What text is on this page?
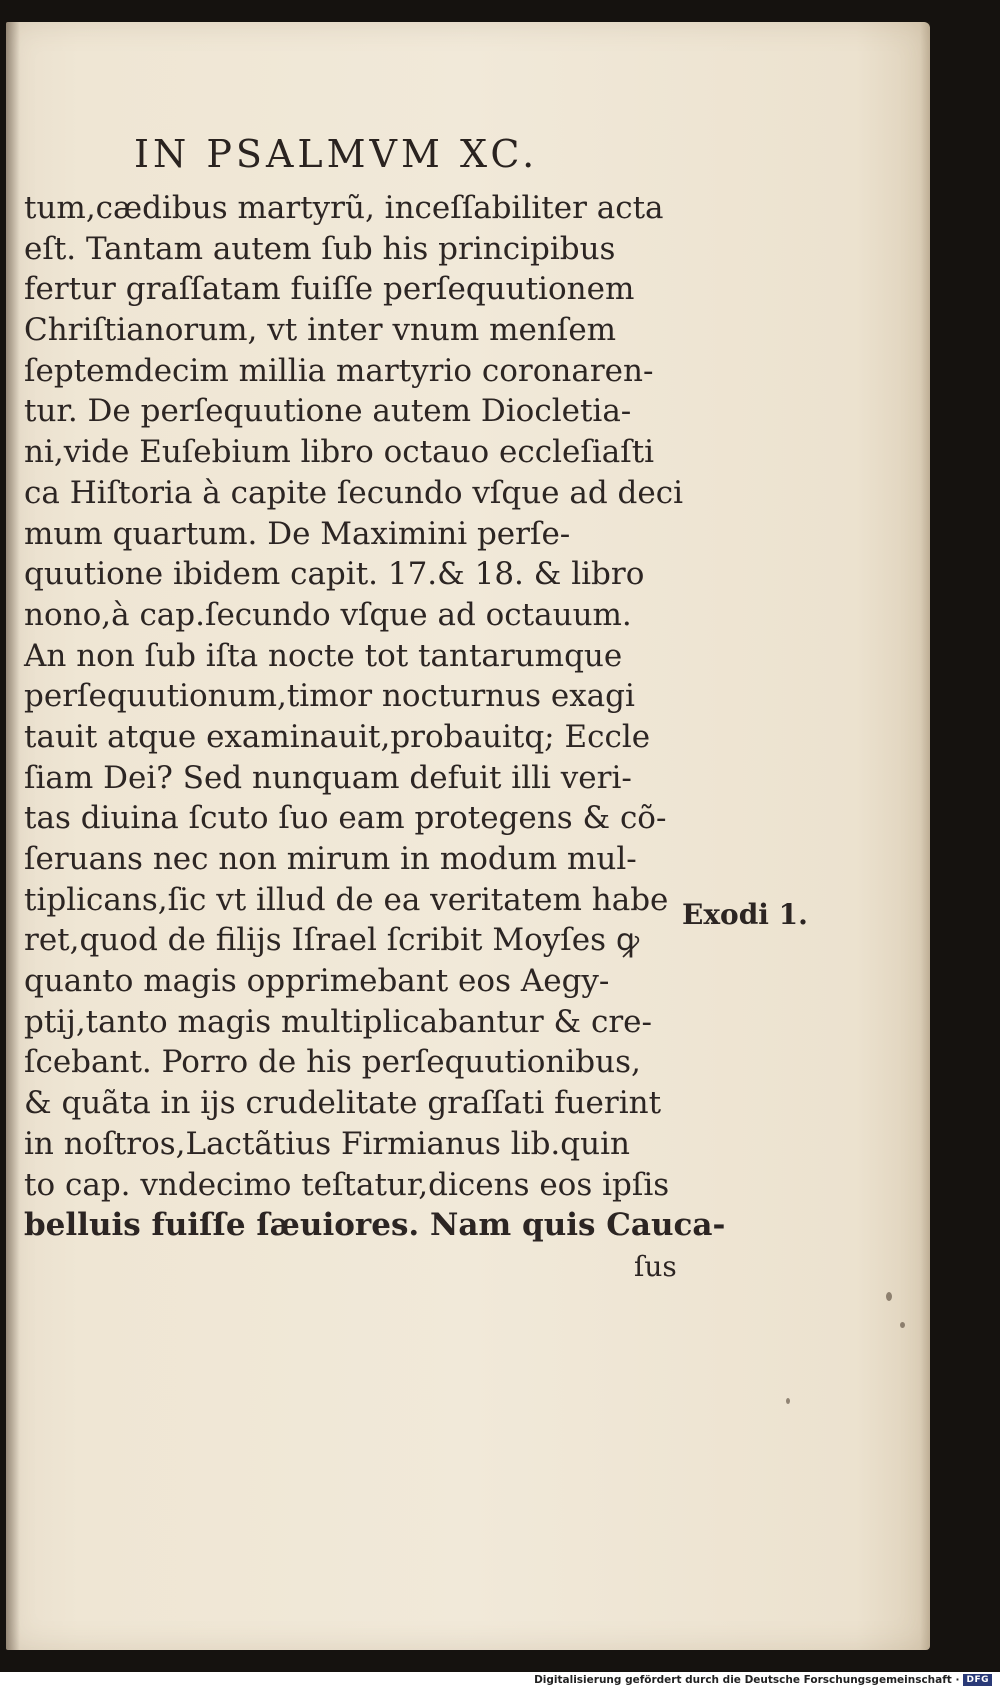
IN PSALMVM XC.
tum,cædibus martyrũ, inceſſabiliter acta
eſt. Tantam autem ſub his principibus
fertur graſſatam fuiſſe perſequutionem
Chriſtianorum, vt inter vnum menſem
ſeptemdecim millia martyrio coronaren-
tur. De perſequutione autem Diocletia-
ni,vide Euſebium libro octauo eccleſiaſti
ca Hiſtoria à capite ſecundo vſque ad deci
mum quartum. De Maximini perſe-
quutione ibidem capit. 17.& 18. & libro
nono,à cap.ſecundo vſque ad octauum.
An non ſub iſta nocte tot tantarumque
perſequutionum,timor nocturnus exagi
tauit atque examinauit,probauitq; Eccle
ſiam Dei? Sed nunquam defuit illi veri-
tas diuina ſcuto ſuo eam protegens & cõ-
ſeruans nec non mirum in modum mul-
tiplicans,ſic vt illud de ea veritatem habe
ret,quod de filijs Iſrael ſcribit Moyſes ꝙ
quanto magis opprimebant eos Aegy-
ptij,tanto magis multiplicabantur & cre-
ſcebant. Porro de his perſequutionibus,
& quãta in ijs crudelitate graſſati fuerint
in noſtros,Lactãtius Firmianus lib.quin
to cap. vndecimo teſtatur,dicens eos ipſis
belluis fuiſſe ſæuiores. Nam quis Cauca-
Exodi 1.
ſus
Digitalisierung gefördert durch die Deutsche Forschungsgemeinschaft · DFG
